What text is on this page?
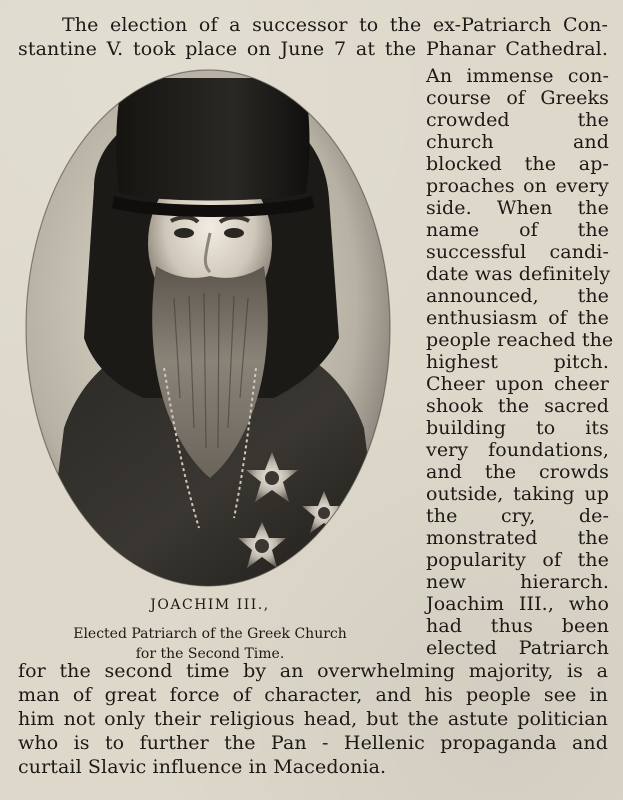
The election of a successor to the ex-Patriarch Con-
stantine V. took place on June 7 at the Phanar Cathedral.
An immense con-
course of Greeks
crowded the
church and
blocked the ap-
proaches on every
side. When the
name of the
successful candi-
date was definitely
announced, the
enthusiasm of the
people reached the
highest pitch.
Cheer upon cheer
shook the sacred
building to its
very foundations,
and the crowds
outside, taking up
the cry, de-
monstrated the
popularity of the
new hierarch.
Joachim III., who
had thus been
elected Patriarch
JOACHIM III.,
Elected Patriarch of the Greek Church
for the Second Time.
for the second time by an overwhelming majority, is a
man of great force of character, and his people see in
him not only their religious head, but the astute politician
who is to further the Pan - Hellenic propaganda and
curtail Slavic influence in Macedonia.
